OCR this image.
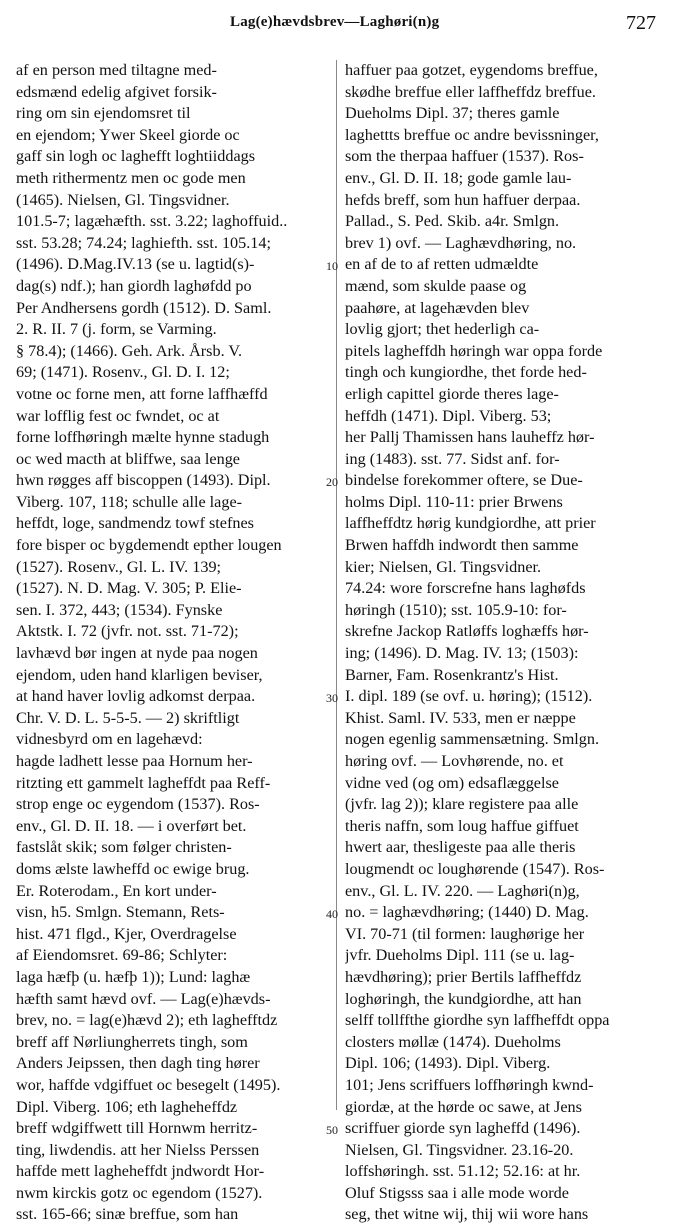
Lag(e)hævdsbrev—Laghøri(n)g	727
af en person med tiltagne med-
edsmænd edelig afgivet forsik-
ring om sin ejendomsret til
en ejendom; Ywer Skeel giorde oc
gaff sin logh oc laghefft loghtiiddags
meth rithermentz men oc gode men
(1465). Nielsen, Gl. Tingsvidner.
101.5-7; lagæhæfth. sst. 3.22; laghoffuid..
sst. 53.28; 74.24; laghiefth. sst. 105.14;
(1496). D.Mag.IV.13 (se u. lagtid(s)-
dag(s) ndf.); han giordh laghøfdd po
Per Andhersens gordh (1512). D. Saml.
2. R. II. 7 (j. form, se Varming.
§ 78.4); (1466). Geh. Ark. Årsb. V.
69; (1471). Rosenv., Gl. D. I. 12;
votne oc forne men, att forne laffhæffd
war lofflig fest oc fwndet, oc at
forne loffhøringh mælte hynne stadugh
oc wed macth at bliffwe, saa lenge
hwn røgges aff biscoppen (1493). Dipl.
Viberg. 107, 118; schulle alle lage-
heffdt, loge, sandmendz towf stefnes
fore bisper oc bygdemendt epther lougen
(1527). Rosenv., Gl. L. IV. 139;
(1527). N. D. Mag. V. 305; P. Elie-
sen. I. 372, 443; (1534). Fynske
Aktstk. I. 72 (jvfr. not. sst. 71-72);
lavhævd bør ingen at nyde paa nogen
ejendom, uden hand klarligen beviser,
at hand haver lovlig adkomst derpaa.
Chr. V. D. L. 5-5-5. — 2) skriftligt
vidnesbyrd om en lagehævd:
hagde ladhett lesse paa Hornum her-
ritzting ett gammelt lagheffdt paa Reff-
strop enge oc eygendom (1537). Ros-
env., Gl. D. II. 18. — i overført bet.
fastslåt skik; som følger christen-
doms ælste lawheffd oc ewige brug.
Er. Roterodam., En kort under-
visn, h5. Smlgn. Stemann, Rets-
hist. 471 flgd., Kjer, Overdragelse
af Eiendomsret. 69-86; Schlyter:
laga hæfþ (u. hæfþ 1)); Lund: laghæ
hæfth samt hævd ovf. — Lag(e)hævds-
brev, no. = lag(e)hævd 2); eth laghefftdz
breff aff Nørliungherrets tingh, som
Anders Jeipssen, then dagh ting hører
wor, haffde vdgiffuet oc besegelt (1495).
Dipl. Viberg. 106; eth lagheheffdz
breff wdgiffwett till Hornwm herritz-
ting, liwdendis. att her Nielss Perssen
haffde mett lagheheffdt jndwordt Hor-
nwm kirckis gotz oc egendom (1527).
sst. 165-66; sinæ breffue, som han
haffuer paa gotzet, eygendoms breffue,
skødhe breffue eller laffheffdz breffue.
Dueholms Dipl. 37; theres gamle
laghettts breffue oc andre bevissninger,
som the therpaa haffuer (1537). Ros-
env., Gl. D. II. 18; gode gamle lau-
hefds breff, som hun haffuer derpaa.
Pallad., S. Ped. Skib. a4r. Smlgn.
brev 1) ovf. — Laghævdhøring, no.
en af de to af retten udmældte
mænd, som skulde paase og
paahøre, at lagehævden blev
lovlig gjort; thet hederligh ca-
pitels lagheffdh høringh war oppa forde
tingh och kungiordhe, thet forde hed-
erligh capittel giorde theres lage-
heffdh (1471). Dipl. Viberg. 53;
her Pallj Thamissen hans lauheffz hør-
ing (1483). sst. 77. Sidst anf. for-
bindelse forekommer oftere, se Due-
holms Dipl. 110-11: prier Brwens
laffheffdtz hørig kundgiordhe, att prier
Brwen haffdh indwordt then samme
kier; Nielsen, Gl. Tingsvidner.
74.24: wore forscrefne hans laghøfds
høringh (1510); sst. 105.9-10: for-
skrefne Jackop Ratløffs loghæffs hør-
ing; (1496). D. Mag. IV. 13; (1503):
Barner, Fam. Rosenkrantz's Hist.
I. dipl. 189 (se ovf. u. høring); (1512).
Khist. Saml. IV. 533, men er næppe
nogen egenlig sammensætning. Smlgn.
høring ovf. — Lovhørende, no. et
vidne ved (og om) edsaflæggelse
(jvfr. lag 2)); klare registere paa alle
theris naffn, som loug haffue giffuet
hwert aar, thesligeste paa alle theris
lougmendt oc loughørende (1547). Ros-
env., Gl. L. IV. 220. — Laghøri(n)g,
no. = laghævdhøring; (1440) D. Mag.
VI. 70-71 (til formen: laughørige her
jvfr. Dueholms Dipl. 111 (se u. lag-
hævdhøring); prier Bertils laffheffdz
loghøringh, the kundgiordhe, att han
selff tollffthe giordhe syn laffheffdt oppa
closters møllæ (1474). Dueholms
Dipl. 106; (1493). Dipl. Viberg.
101; Jens scriffuers loffhøringh kwnd-
giordæ, at the hørde oc sawe, at Jens
scriffuer giorde syn lagheffd (1496).
Nielsen, Gl. Tingsvidner. 23.16-20.
loffshøringh. sst. 51.12; 52.16: at hr.
Oluf Stigsss saa i alle mode worde
seg, thet witne wij, thij wii wore hans
10
20
30
40
50
